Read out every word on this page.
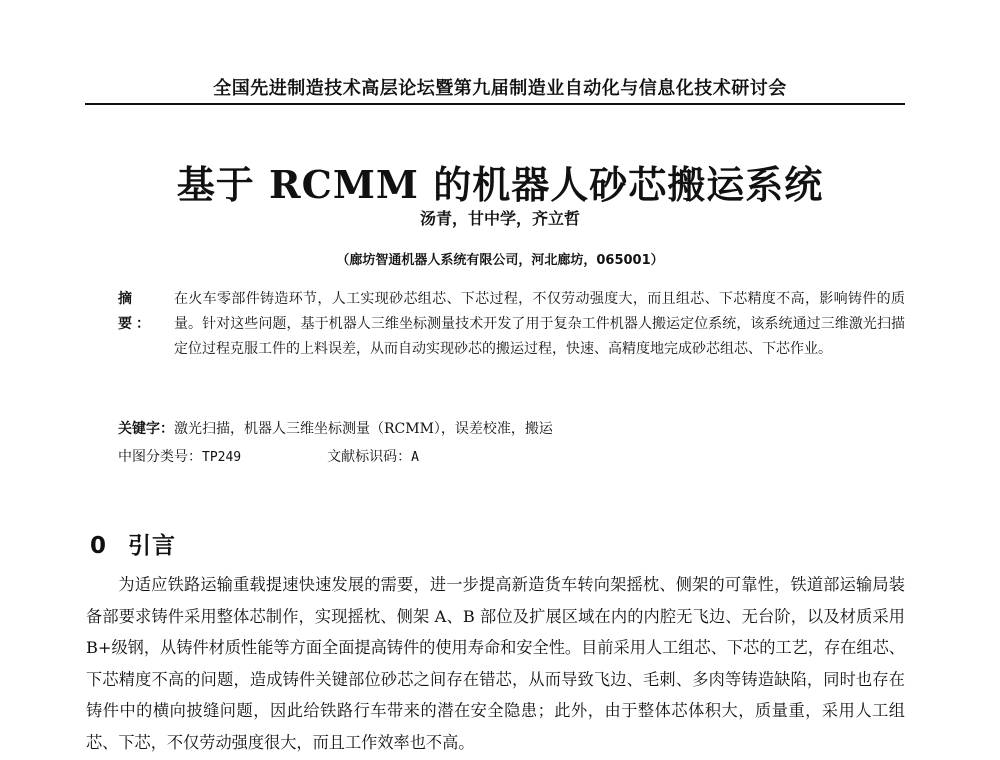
全国先进制造技术高层论坛暨第九届制造业自动化与信息化技术研讨会
基于 RCMM 的机器人砂芯搬运系统
汤青，甘中学，齐立哲
（廊坊智通机器人系统有限公司，河北廊坊，065001）
摘 要：
在火车零部件铸造环节，人工实现砂芯组芯、下芯过程，不仅劳动强度大，而且组芯、下芯精度不高，影响铸件的质量。针对这些问题，基于机器人三维坐标测量技术开发了用于复杂工件机器人搬运定位系统，该系统通过三维激光扫描定位过程克服工件的上料误差，从而自动实现砂芯的搬运过程，快速、高精度地完成砂芯组芯、下芯作业。
关键字：激光扫描，机器人三维坐标测量（RCMM），误差校准，搬运
中图分类号：TP249	文献标识码：A
0 引言

为适应铁路运输重载提速快速发展的需要，进一步提高新造货车转向架摇枕、侧架的可靠性，铁道部运输局装备部要求铸件采用整体芯制作，实现摇枕、侧架 A、B 部位及扩展区域在内的内腔无飞边、无台阶，以及材质采用 B+级钢，从铸件材质性能等方面全面提高铸件的使用寿命和安全性。目前采用人工组芯、下芯的工艺，存在组芯、下芯精度不高的问题，造成铸件关键部位砂芯之间存在错芯，从而导致飞边、毛刺、多肉等铸造缺陷，同时也存在铸件中的横向披缝问题，因此给铁路行车带来的潜在安全隐患；此外，由于整体芯体积大，质量重，采用人工组芯、下芯，不仅劳动强度很大，而且工作效率也不高。
